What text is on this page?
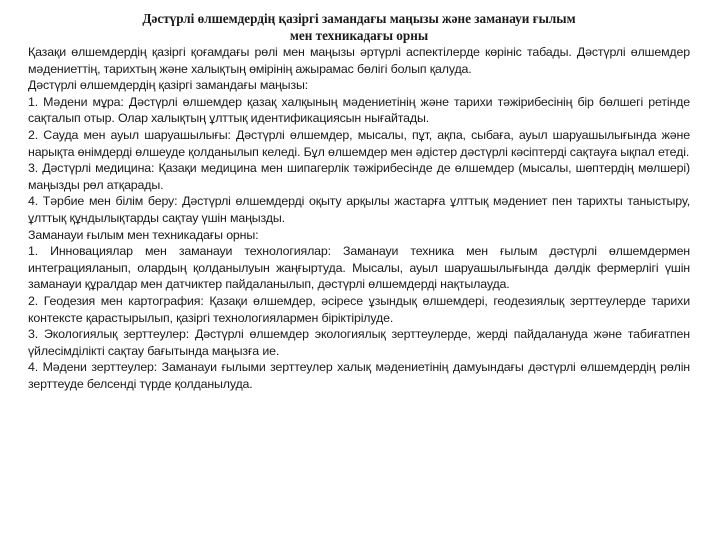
Дәстүрлі өлшемдердің қазіргі замандағы маңызы және заманауи ғылым
мен техникадағы орны

Қазақи өлшемдердің қазіргі қоғамдағы рөлі мен маңызы әртүрлі аспектілерде көрініс табады. Дәстүрлі өлшемдер мәдениеттің, тарихтың және халықтың өмірінің ажырамас бөлігі болып қалуда.

Дәстүрлі өлшемдердің қазіргі замандағы маңызы:

1. Мәдени мұра: Дәстүрлі өлшемдер қазақ халқының мәдениетінің және тарихи тәжірибесінің бір бөлшегі ретінде сақталып отыр. Олар халықтың ұлттық идентификациясын нығайтады.

2. Сауда мен ауыл шаруашылығы: Дәстүрлі өлшемдер, мысалы, пұт, ақпа, сыбаға, ауыл шаруашылығында және нарықта өнімдерді өлшеуде қолданылып келеді. Бұл өлшемдер мен әдістер дәстүрлі кәсіптерді сақтауға ықпал етеді.

3. Дәстүрлі медицина: Қазақи медицина мен шипагерлік тәжірибесінде де өлшемдер (мысалы, шөптердің мөлшері) маңызды рөл атқарады.

4. Тәрбие мен білім беру: Дәстүрлі өлшемдерді оқыту арқылы жастарға ұлттық мәдениет пен тарихты таныстыру, ұлттық құндылықтарды сақтау үшін маңызды.

Заманауи ғылым мен техникадағы орны:

1. Инновациялар мен заманауи технологиялар: Заманауи техника мен ғылым дәстүрлі өлшемдермен интеграцияланып, олардың қолданылуын жаңғыртуда. Мысалы, ауыл шаруашылығында дәлдік фермерлігі үшін заманауи құралдар мен датчиктер пайдаланылып, дәстүрлі өлшемдерді нақтылауда.

2. Геодезия мен картография: Қазақи өлшемдер, әсіресе ұзындық өлшемдері, геодезиялық зерттеулерде тарихи контексте қарастырылып, қазіргі технологиялармен біріктірілуде.

3. Экологиялық зерттеулер: Дәстүрлі өлшемдер экологиялық зерттеулерде, жерді пайдалануда және табиғатпен үйлесімділікті сақтау бағытында маңызға ие.

4. Мәдени зерттеулер: Заманауи ғылыми зерттеулер халық мәдениетінің дамуындағы дәстүрлі өлшемдердің рөлін зерттеуде белсенді түрде қолданылуда.
